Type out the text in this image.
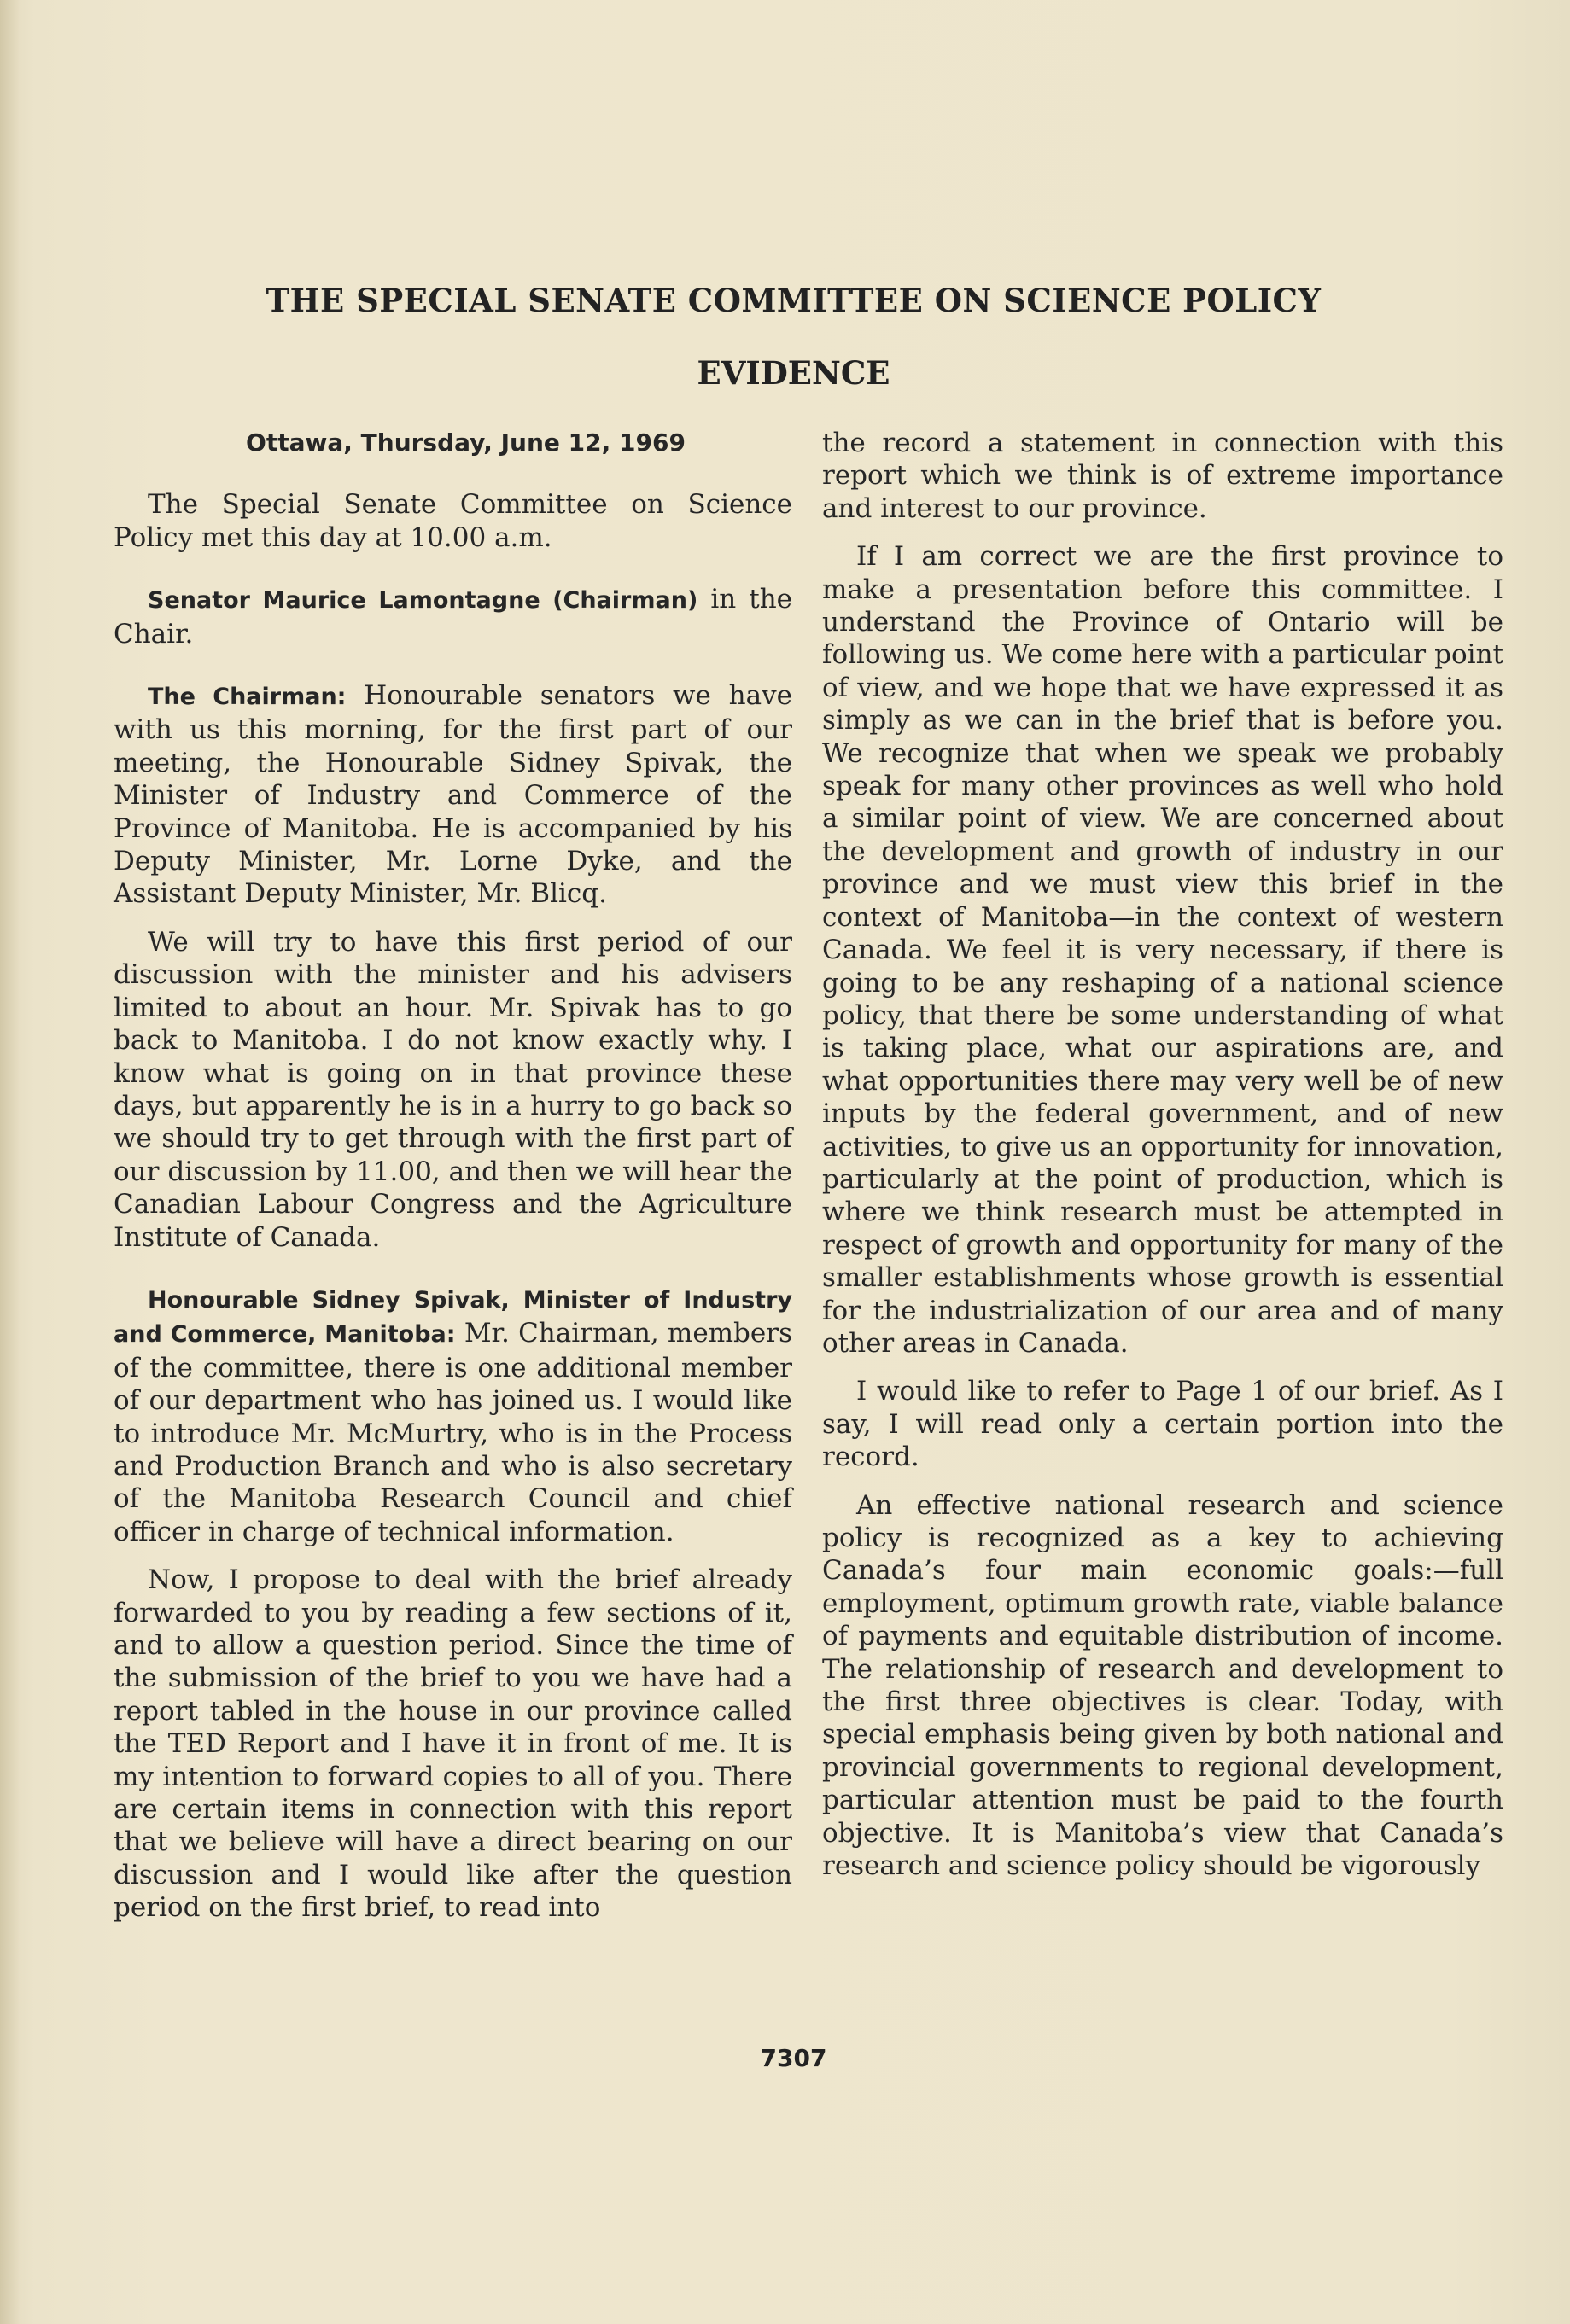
THE SPECIAL SENATE COMMITTEE ON SCIENCE POLICY
EVIDENCE

Ottawa, Thursday, June 12, 1969

The Special Senate Committee on Science Policy met this day at 10.00 a.m.

Senator Maurice Lamontagne (Chairman) in the Chair.

The Chairman: Honourable senators we have with us this morning, for the first part of our meeting, the Honourable Sidney Spivak, the Minister of Industry and Commerce of the Province of Manitoba. He is accompanied by his Deputy Minister, Mr. Lorne Dyke, and the Assistant Deputy Minister, Mr. Blicq.

We will try to have this first period of our discussion with the minister and his advisers limited to about an hour. Mr. Spivak has to go back to Manitoba. I do not know exactly why. I know what is going on in that province these days, but apparently he is in a hurry to go back so we should try to get through with the first part of our discussion by 11.00, and then we will hear the Canadian Labour Congress and the Agriculture Institute of Canada.

Honourable Sidney Spivak, Minister of Industry and Commerce, Manitoba: Mr. Chairman, members of the committee, there is one additional member of our department who has joined us. I would like to introduce Mr. McMurtry, who is in the Process and Production Branch and who is also secretary of the Manitoba Research Council and chief officer in charge of technical information.

Now, I propose to deal with the brief already forwarded to you by reading a few sections of it, and to allow a question period. Since the time of the submission of the brief to you we have had a report tabled in the house in our province called the TED Report and I have it in front of me. It is my intention to forward copies to all of you. There are certain items in connection with this report that we believe will have a direct bearing on our discussion and I would like after the question period on the first brief, to read into

the record a statement in connection with this report which we think is of extreme importance and interest to our province.

If I am correct we are the first province to make a presentation before this committee. I understand the Province of Ontario will be following us. We come here with a particular point of view, and we hope that we have expressed it as simply as we can in the brief that is before you. We recognize that when we speak we probably speak for many other provinces as well who hold a similar point of view. We are concerned about the development and growth of industry in our province and we must view this brief in the context of Manitoba—in the context of western Canada. We feel it is very necessary, if there is going to be any reshaping of a national science policy, that there be some understanding of what is taking place, what our aspirations are, and what opportunities there may very well be of new inputs by the federal government, and of new activities, to give us an opportunity for innovation, particularly at the point of production, which is where we think research must be attempted in respect of growth and opportunity for many of the smaller establishments whose growth is essential for the industrialization of our area and of many other areas in Canada.

I would like to refer to Page 1 of our brief. As I say, I will read only a certain portion into the record.

An effective national research and science policy is recognized as a key to achieving Canada’s four main economic goals:—full employment, optimum growth rate, viable balance of payments and equitable distribution of income. The relationship of research and development to the first three objectives is clear. Today, with special emphasis being given by both national and provincial governments to regional development, particular attention must be paid to the fourth objective. It is Manitoba’s view that Canada’s research and science policy should be vigorously

7307
